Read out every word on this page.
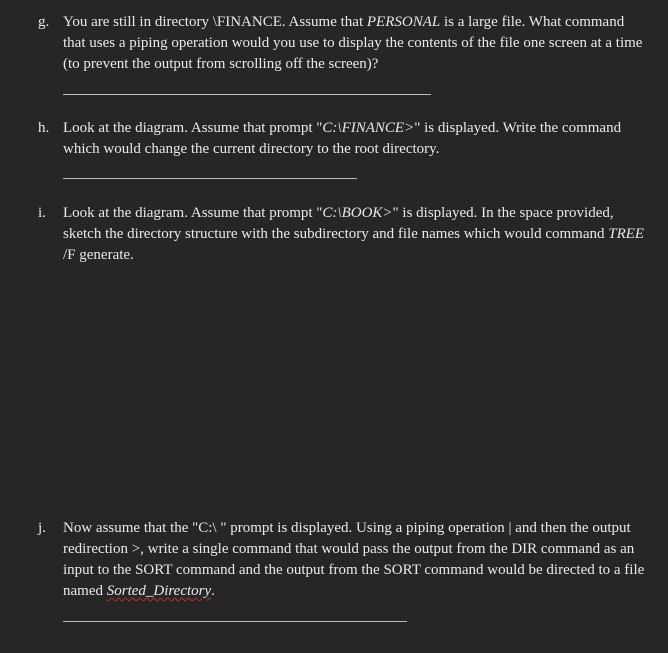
g. You are still in directory \FINANCE. Assume that PERSONAL is a large file. What command that uses a piping operation would you use to display the contents of the file one screen at a time (to prevent the output from scrolling off the screen)?
h. Look at the diagram. Assume that prompt "C:\FINANCE>" is displayed. Write the command which would change the current directory to the root directory.
i. Look at the diagram. Assume that prompt "C:\BOOK>" is displayed. In the space provided, sketch the directory structure with the subdirectory and file names which would command TREE /F generate.
j. Now assume that the "C:\ " prompt is displayed. Using a piping operation | and then the output redirection >, write a single command that would pass the output from the DIR command as an input to the SORT command and the output from the SORT command would be directed to a file named Sorted_Directory.
